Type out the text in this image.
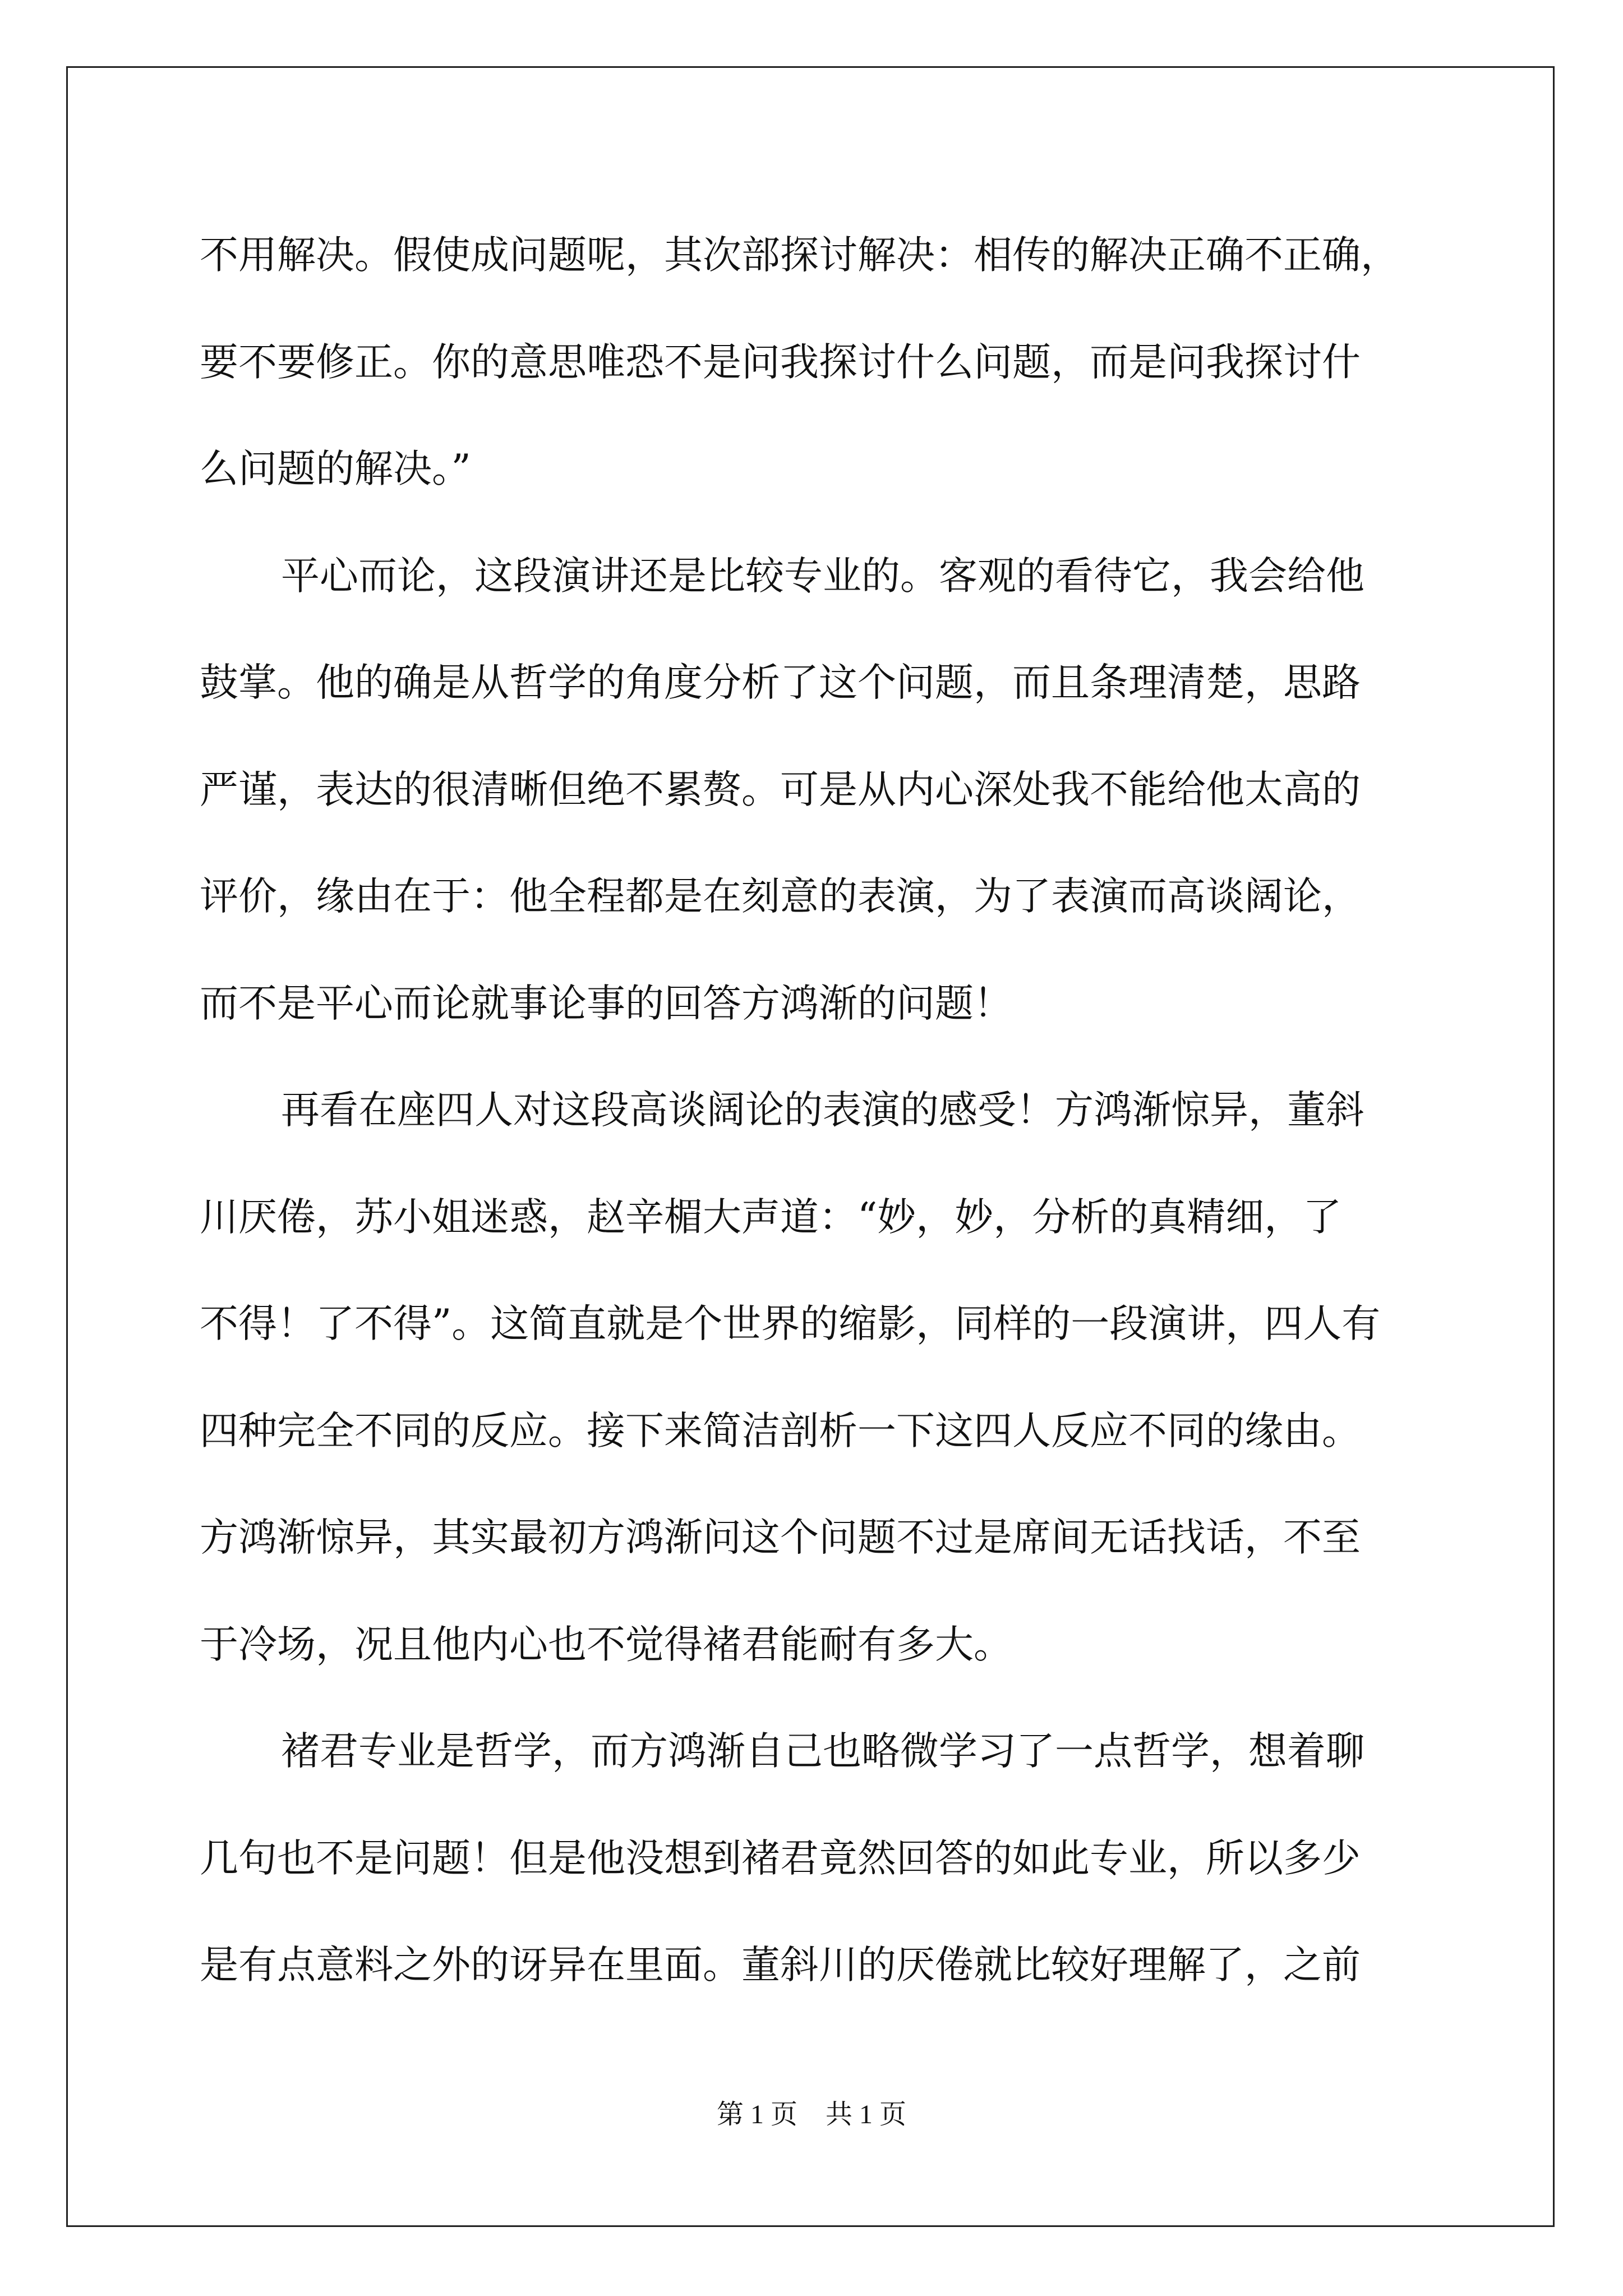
不用解决。假使成问题呢，其次部探讨解决：相传的解决正确不正确，
要不要修正。你的意思唯恐不是问我探讨什么问题，而是问我探讨什
么问题的解决。”
平心而论，这段演讲还是比较专业的。客观的看待它，我会给他
鼓掌。他的确是从哲学的角度分析了这个问题，而且条理清楚，思路
严谨，表达的很清晰但绝不累赘。可是从内心深处我不能给他太高的
评价，缘由在于：他全程都是在刻意的表演，为了表演而高谈阔论，
而不是平心而论就事论事的回答方鸿渐的问题！
再看在座四人对这段高谈阔论的表演的感受！方鸿渐惊异，董斜
川厌倦，苏小姐迷惑，赵辛楣大声道：“妙，妙，分析的真精细，了
不得！了不得”。这简直就是个世界的缩影，同样的一段演讲，四人有
四种完全不同的反应。接下来简洁剖析一下这四人反应不同的缘由。
方鸿渐惊异，其实最初方鸿渐问这个问题不过是席间无话找话，不至
于冷场，况且他内心也不觉得褚君能耐有多大。
褚君专业是哲学，而方鸿渐自己也略微学习了一点哲学，想着聊
几句也不是问题！但是他没想到褚君竟然回答的如此专业，所以多少
是有点意料之外的讶异在里面。董斜川的厌倦就比较好理解了，之前
第 1 页 共 1 页
